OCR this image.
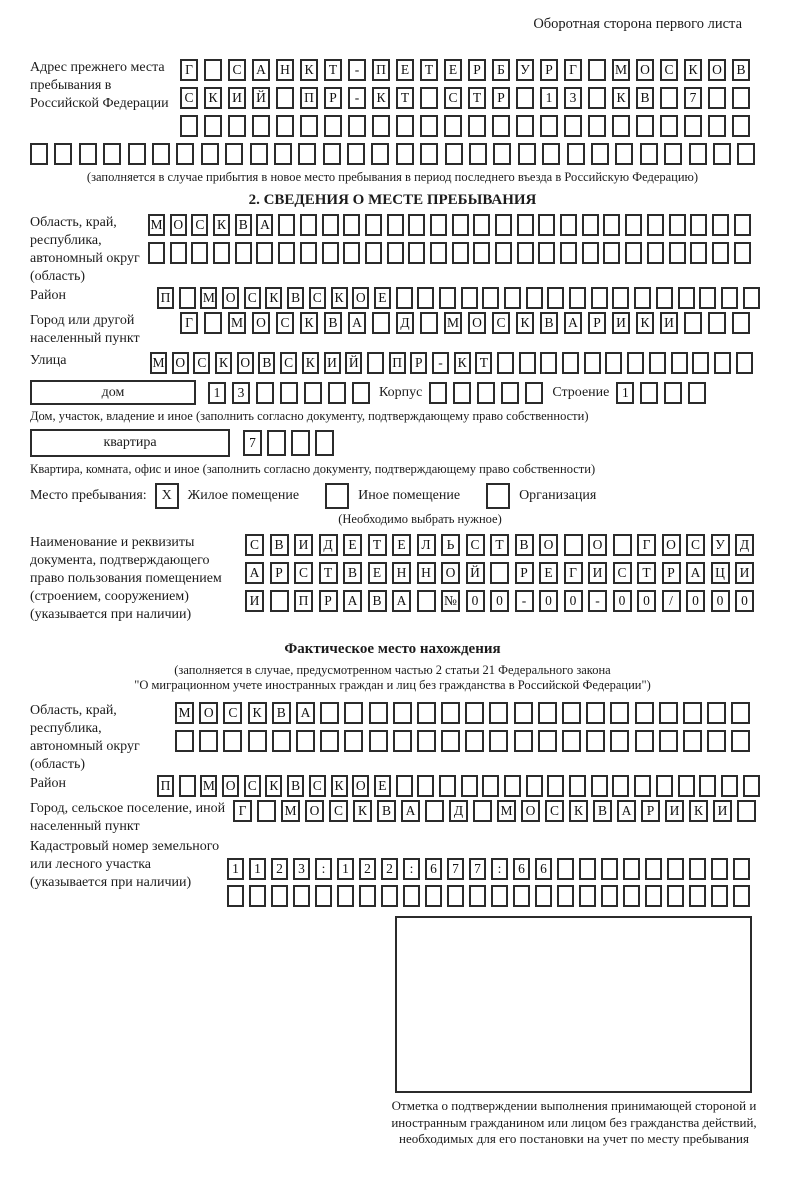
Оборотная сторона первого листа
Адрес прежнего места пребывания в Российской Федерации
Г	С	А	Н	К	Т	-	П	Е	Т	Е	Р	Б	У	Р	Г	М О	С	К	О	В
С	К	И	Й	П	Р	-	К	Т	С	Т	Р	1	3	К	В	7
(заполняется в случае прибытия в новое место пребывания в период последнего въезда в Российскую Федерацию)
2. СВЕДЕНИЯ О МЕСТЕ ПРЕБЫВАНИЯ
Область, край, республика, автономный округ (область)
М О С К В А
Район	П М О С К В С К О Е
Город или другой населенный пункт
Г	М О	С	К	В	А	Д	М О	С	К	В	А	Р	И	К	И
Улица	М О С К О В С К И Й П Р	-	К Т
дом	1	3	Корпус	Строение 1
Дом, участок, владение и иное (заполнить согласно документу, подтверждающему право собственности)
квартира	7
Квартира, комната, офис и иное (заполнить согласно документу, подтверждающему право собственности)
Место пребывания:	X	Жилое помещение	Иное помещение	Организация
(Необходимо выбрать нужное)
Наименование и реквизиты документа, подтверждающего право пользования помещением (строением, сооружением) (указывается при наличии)
С	В	И	Д	Е	Т	Е	Л	Ь	С	Т	В	О	О	Г	О	С	У	Д
А	Р	С	Т	В	Е	Н	Н	О	Й	Р	Е	Г	И	С	Т	Р	А	Ц	И
И	П	Р	А	В	А	№	0	0	-	0	0	-	0	0	/	0	0	0
Фактическое место нахождения
(заполняется в случае, предусмотренном частью 2 статьи 21 Федерального закона
"О миграционном учете иностранных граждан и лиц без гражданства в Российской Федерации")
Область, край, республика, автономный округ (область)
М О	С	К	В	А
Район	П М О С К В С К О Е
Город, сельское поселение, иной населенный пункт
Г	М О	С	К	В	А	Д	М О	С	К	В	А	Р	И	К	И
Кадастровый номер земельного или лесного участка (указывается при наличии)
1	1	2	3	:	1	2	2	:	6	7	7	:	6	6
Отметка о подтверждении выполнения принимающей стороной и иностранным гражданином или лицом без гражданства действий, необходимых для его постановки на учет по месту пребывания
